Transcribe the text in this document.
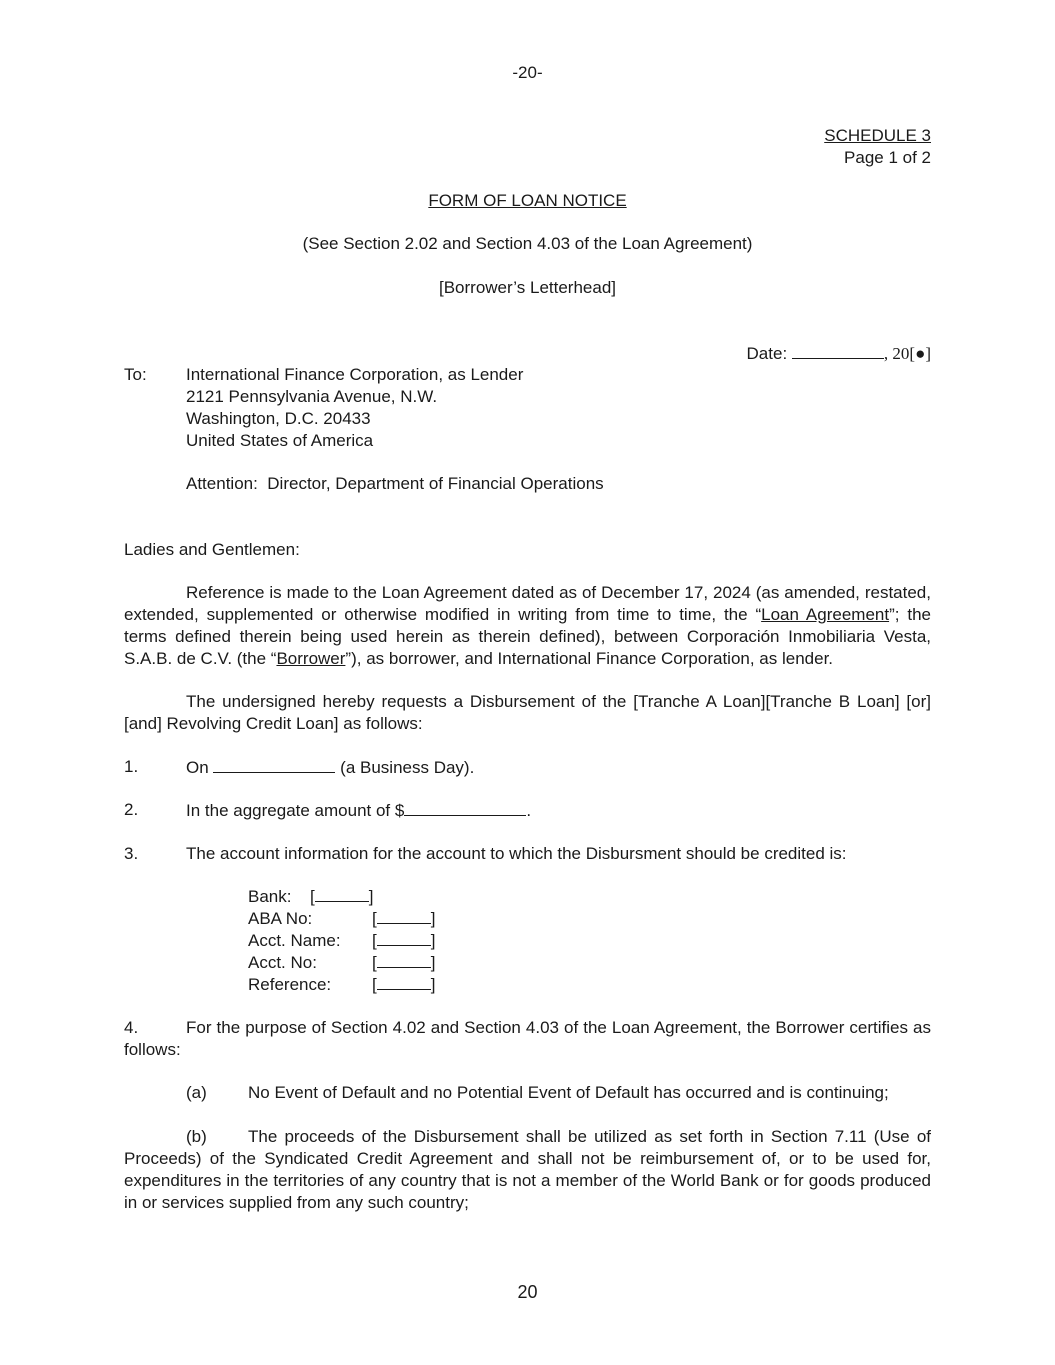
-20-
SCHEDULE 3
Page 1 of 2
FORM OF LOAN NOTICE
(See Section 2.02 and Section 4.03 of the Loan Agreement)
[Borrower’s Letterhead]
Date:	, 20[●]
To: International Finance Corporation, as Lender
2121 Pennsylvania Avenue, N.W.
Washington, D.C. 20433
United States of America
Attention:  Director, Department of Financial Operations
Ladies and Gentlemen:
Reference is made to the Loan Agreement dated as of December 17, 2024 (as amended, restated, extended, supplemented or otherwise modified in writing from time to time, the “Loan Agreement”; the terms defined therein being used herein as therein defined), between Corporación Inmobiliaria Vesta, S.A.B. de C.V. (the “Borrower”), as borrower, and International Finance Corporation, as lender.
The undersigned hereby requests a Disbursement of the [Tranche A Loan][Tranche B Loan] [or][and] Revolving Credit Loan] as follows:
1.	On	(a Business Day).
2.	In the aggregate amount of $	.
3.	The account information for the account to which the Disbursment should be credited is:
Bank: [	]
ABA No:	[	]
Acct. Name: [	]
Acct. No:	[	]
Reference: [	]
4.	For the purpose of Section 4.02 and Section 4.03 of the Loan Agreement, the Borrower certifies as follows:
(a) No Event of Default and no Potential Event of Default has occurred and is continuing;
(b) The proceeds of the Disbursement shall be utilized as set forth in Section 7.11 (Use of Proceeds) of the Syndicated Credit Agreement and shall not be reimbursement of, or to be used for, expenditures in the territories of any country that is not a member of the World Bank or for goods produced in or services supplied from any such country;
20
